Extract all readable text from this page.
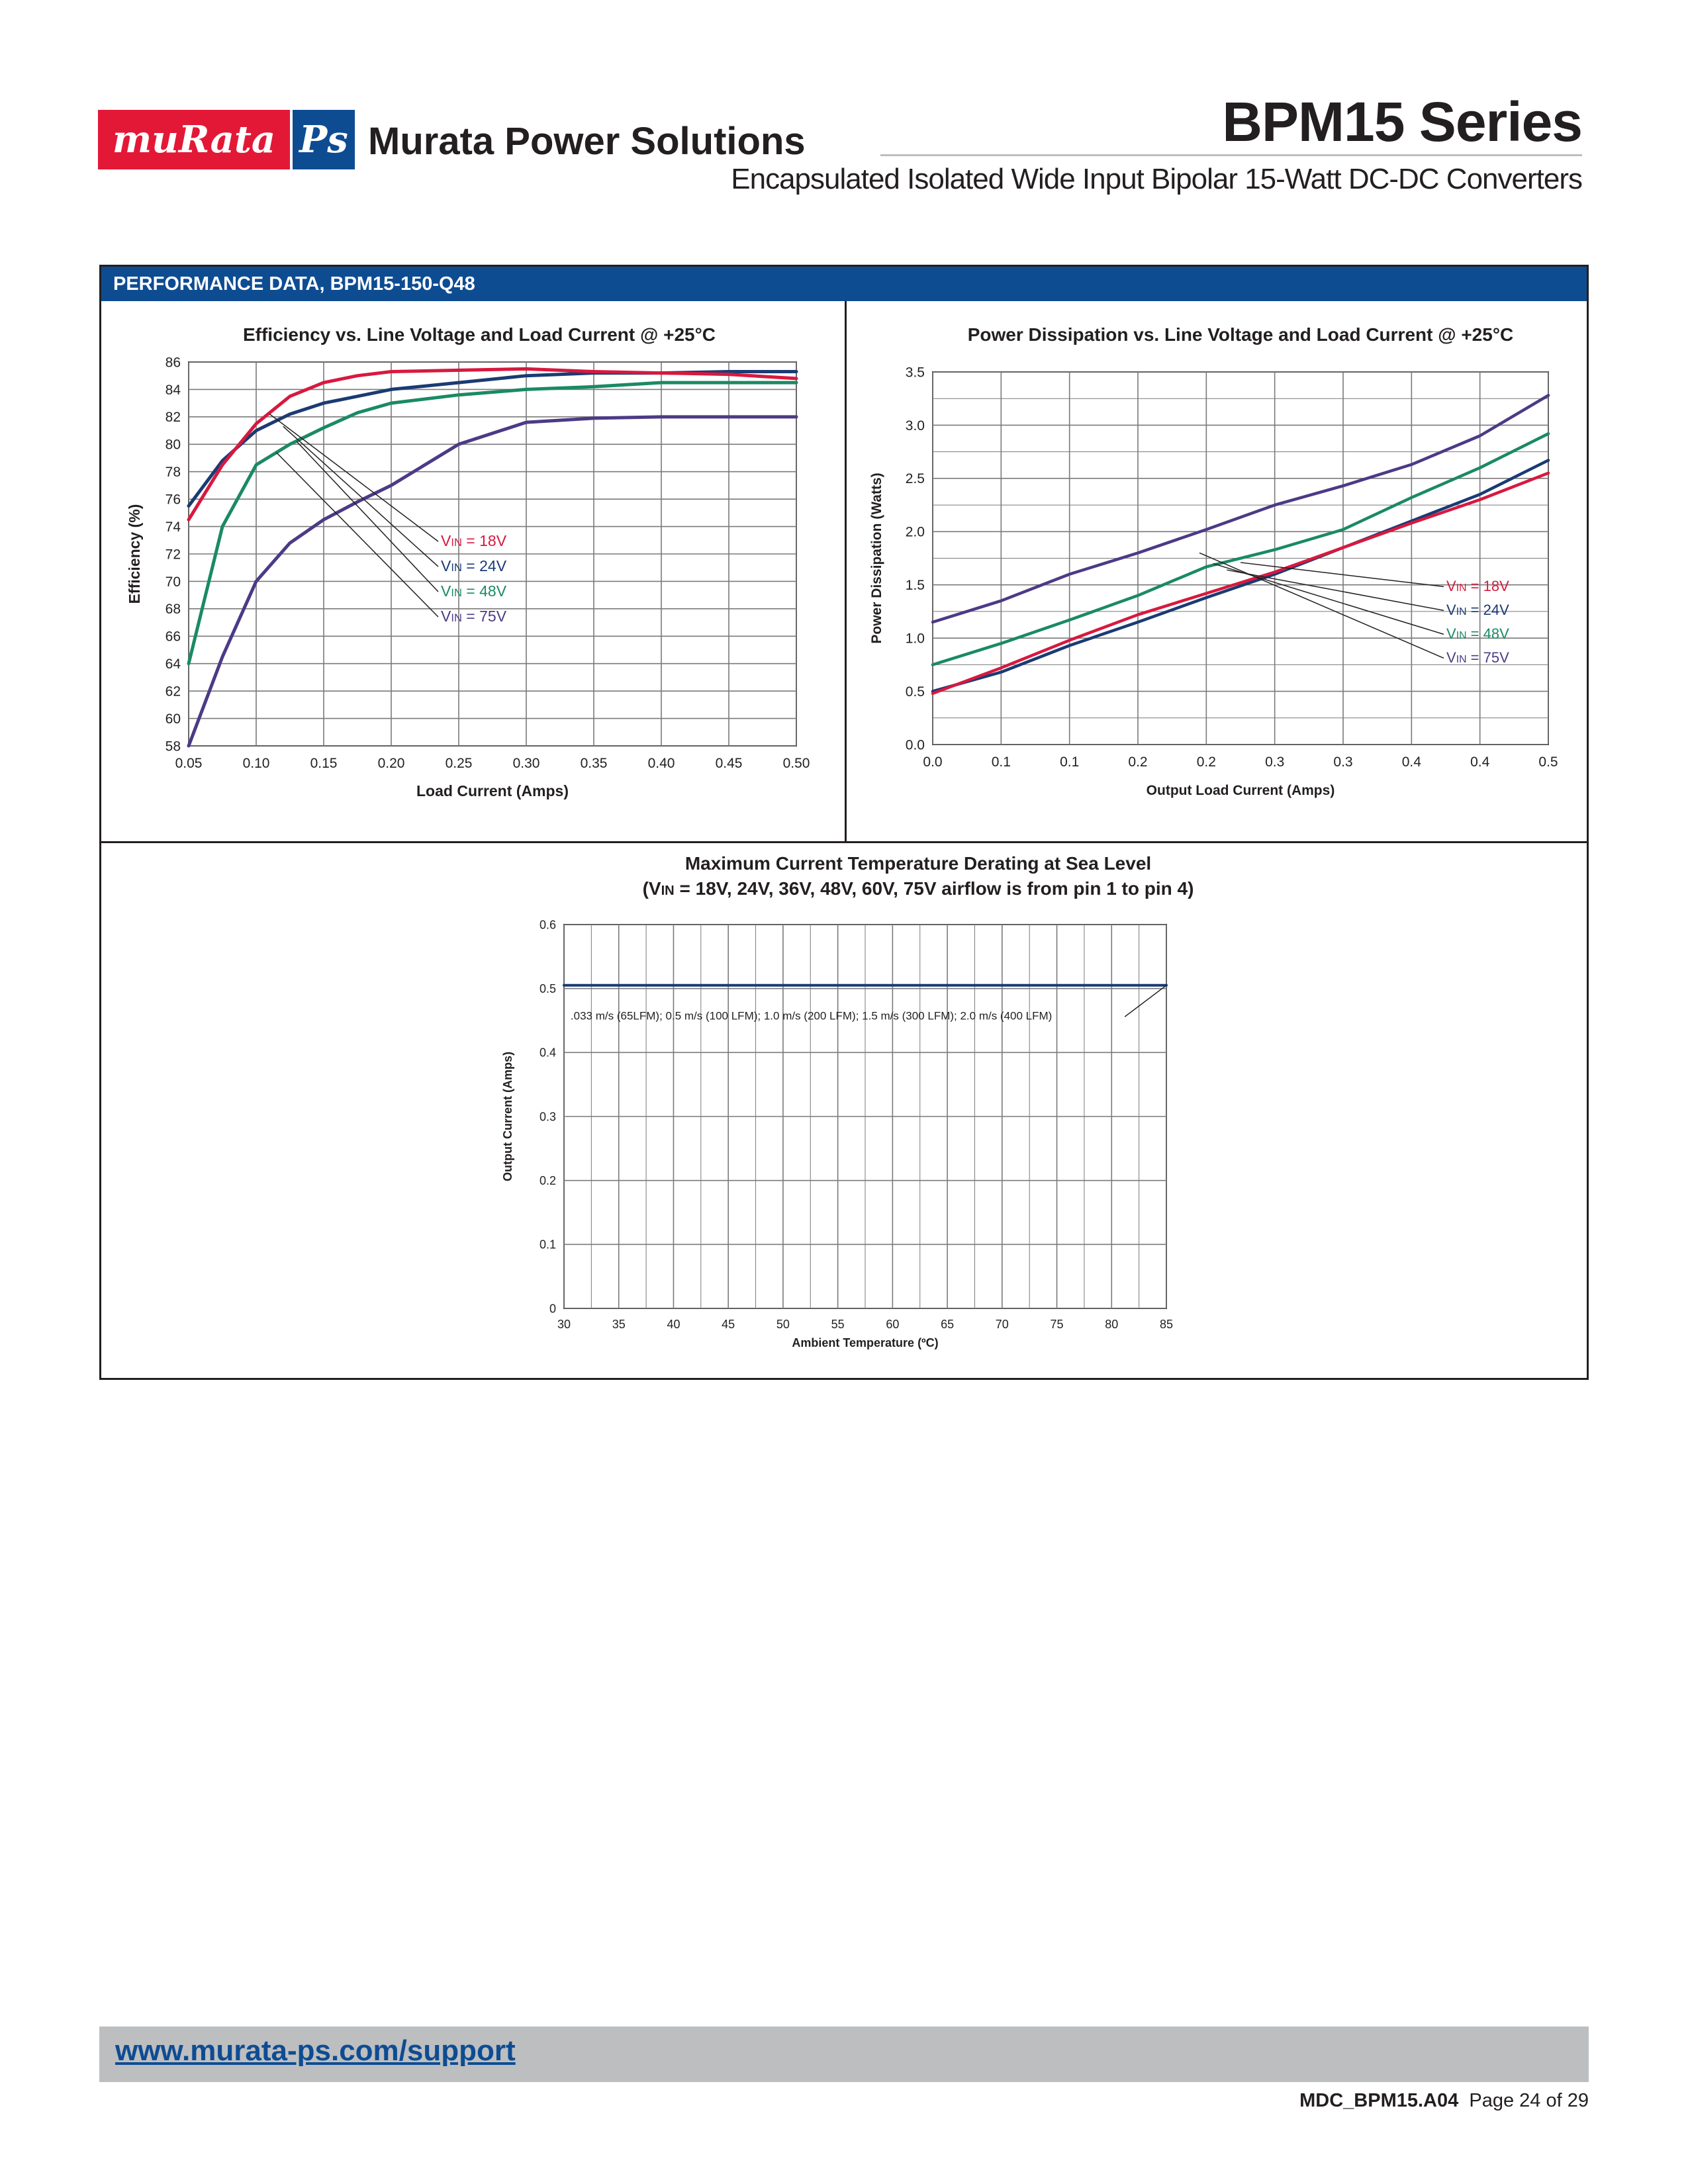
muRata Ps Murata Power Solutions	BPM15 Series
Encapsulated Isolated Wide Input Bipolar 15-Watt DC-DC Converters
PERFORMANCE DATA, BPM15-150-Q48
Efficiency vs. Line Voltage and Load Current @ +25°C
0.05	0.10	0.15	0.20	0.25	0.30	0.35	0.40	0.45	0.50
58
60
62
64
66
68
70
72
74
76
78
80
82
84
86
Load Current (Amps)
Efficiency (%)	VIN = 18V
VIN = 24V
VIN = 48V
VIN = 75V
Power Dissipation vs. Line Voltage and Load Current @ +25°C
0.0	0.1	0.1	0.2	0.2	0.3	0.3	0.4	0.4	0.5
0.0
0.5
1.0
1.5
2.0
2.5
3.0
3.5
Output Load Current (Amps)
Power Dissipation (Watts)	VIN = 18V
VIN = 24V
VIN = 48V
VIN = 75V
Maximum Current Temperature Derating at Sea Level
(VIN = 18V, 24V, 36V, 48V, 60V, 75V airflow is from pin 1 to pin 4)
30	35	40	45	50	55	60	65	70	75	80	85
0
0.1
0.2
0.3
0.4
0.5
0.6
Ambient Temperature (ºC)
Output Current (Amps)
.033 m/s (65LFM); 0.5 m/s (100 LFM); 1.0 m/s (200 LFM); 1.5 m/s (300 LFM); 2.0 m/s (400 LFM)
www.murata-ps.com/support
MDC_BPM15.A04 Page 24 of 29
